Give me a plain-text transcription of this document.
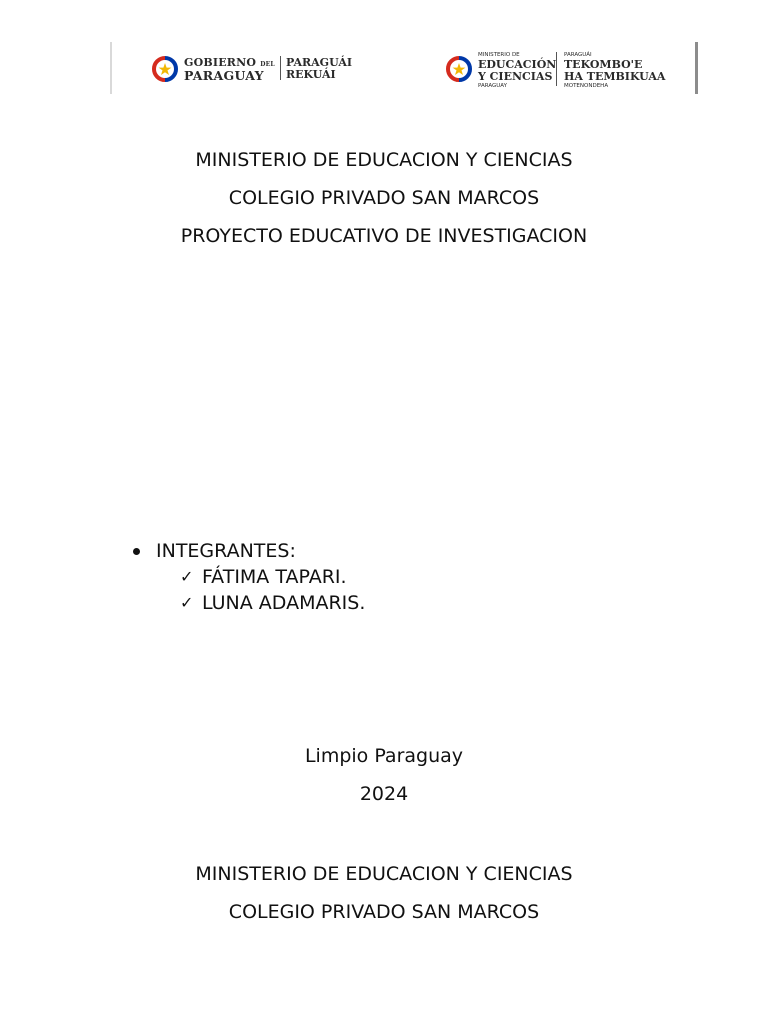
GOBIERNO DEL
PARAGUAY
PARAGUÁI
REKUÁI
MINISTERIO DE
EDUCACIÓN
Y CIENCIAS
PARAGUAY
PARAGUÁI
TEKOMBO'E
HA TEMBIKUAA
MOTENONDEHA

MINISTERIO DE EDUCACION Y CIENCIAS

COLEGIO PRIVADO SAN MARCOS

PROYECTO EDUCATIVO DE INVESTIGACION

INTEGRANTES:
✓ FÁTIMA TAPARI.
✓ LUNA ADAMARIS.

Limpio Paraguay

2024

MINISTERIO DE EDUCACION Y CIENCIAS

COLEGIO PRIVADO SAN MARCOS
